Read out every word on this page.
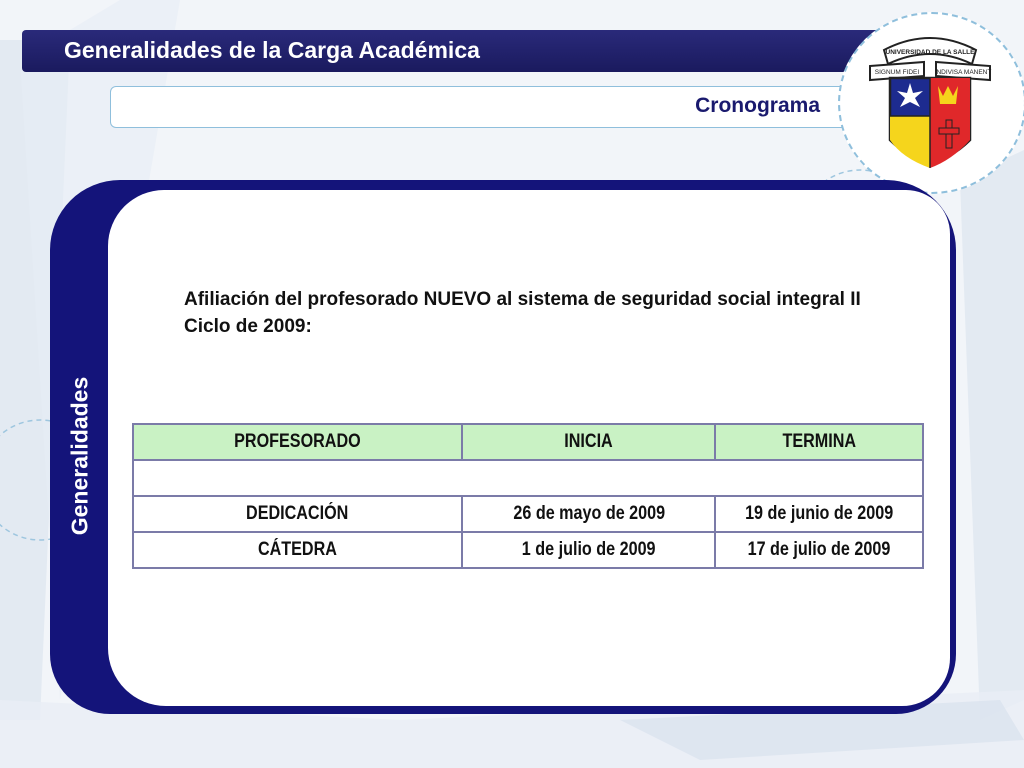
Generalidades de la Carga Académica
Cronograma
UNIVERSIDAD DE LA SALLE
SIGNUM FIDEI INDIVISA MANENT
Generalidades
Afiliación del profesorado NUEVO al sistema de seguridad social integral II Ciclo de 2009:
PROFESORADO	INICIA	TERMINA

DEDICACIÓN	26 de mayo de 2009	19 de junio de 2009
CÁTEDRA	1 de julio de 2009	17 de julio de 2009
